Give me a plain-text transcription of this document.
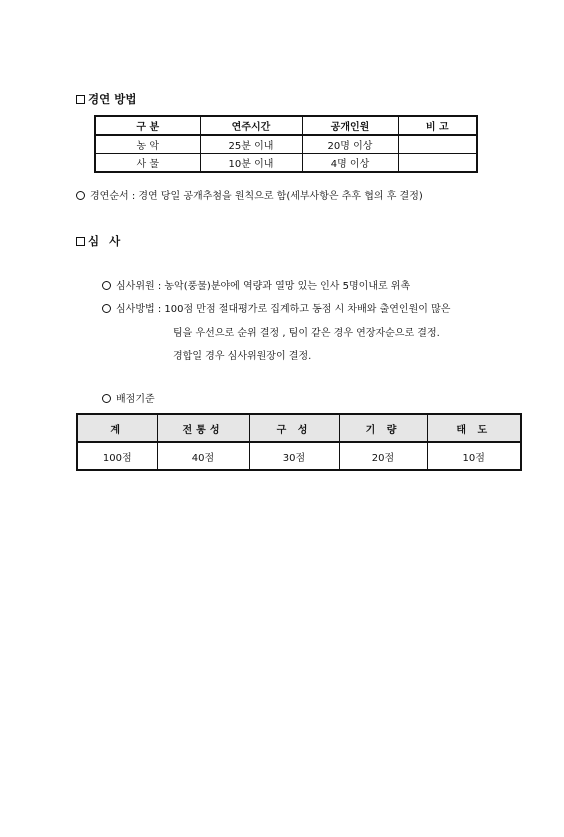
경연 방법
구 분	연주시간	공개인원	비 고
농 악	25분 이내	20명 이상	
사 물	10분 이내	4명 이상	
경연순서 : 경연 당일 공개추첨을 원칙으로 함(세부사항은 추후 협의 후 결정)
심 사
심사위원 : 농악(풍물)분야에 역량과 열망 있는 인사 5명이내로 위촉
심사방법 : 100점 만점 절대평가로 집계하고 동점 시 차배와 출연인원이 많은
팀을 우선으로 순위 결정 , 팀이 같은 경우 연장자순으로 결정.
경합일 경우 심사위원장이 결정.
배점기준
계	전통성	구 성	기 량	태 도
100점	40점	30점	20점	10점
